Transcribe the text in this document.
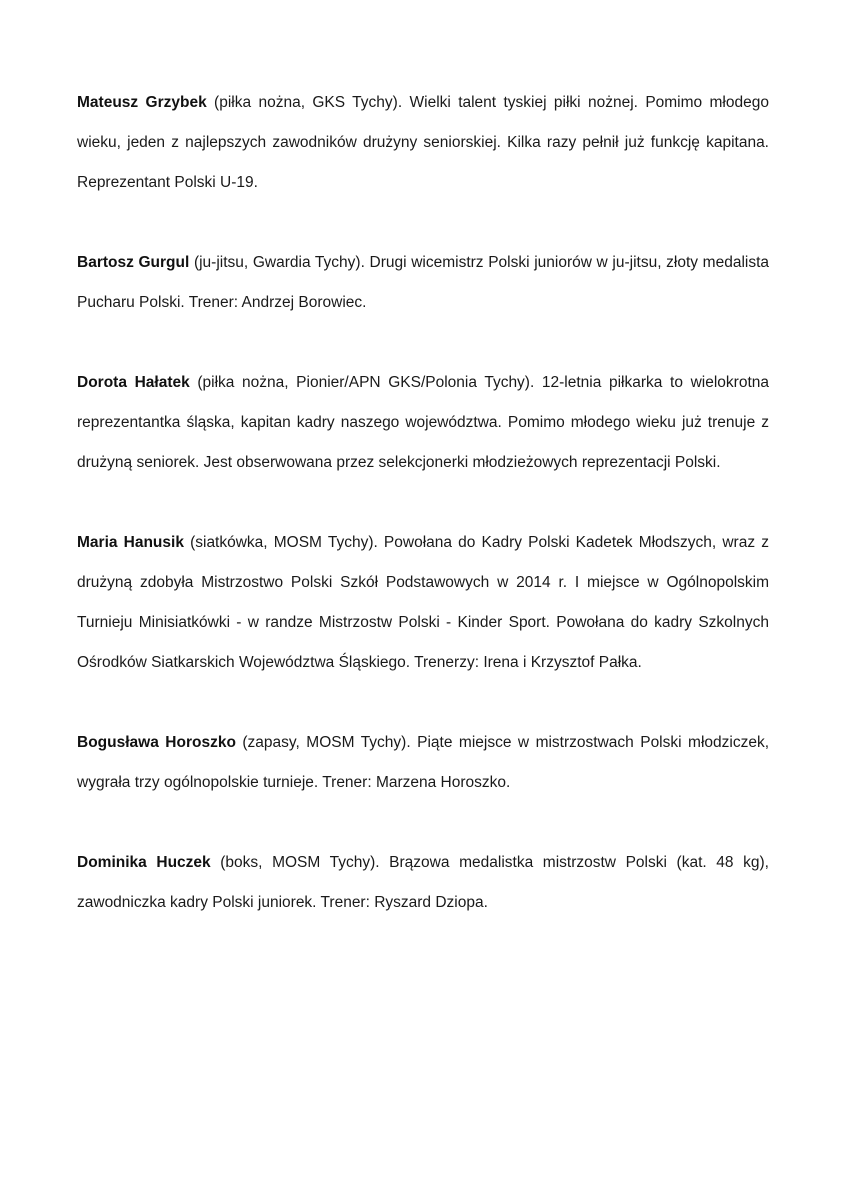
Mateusz Grzybek (piłka nożna, GKS Tychy). Wielki talent tyskiej piłki nożnej. Pomimo młodego wieku, jeden z najlepszych zawodników drużyny seniorskiej. Kilka razy pełnił już funkcję kapitana. Reprezentant Polski U-19.

Bartosz Gurgul (ju-jitsu, Gwardia Tychy). Drugi wicemistrz Polski juniorów w ju-jitsu, złoty medalista Pucharu Polski. Trener: Andrzej Borowiec.

Dorota Hałatek (piłka nożna, Pionier/APN GKS/Polonia Tychy). 12-letnia piłkarka to wielokrotna reprezentantka śląska, kapitan kadry naszego województwa. Pomimo młodego wieku już trenuje z drużyną seniorek. Jest obserwowana przez selekcjonerki młodzieżowych reprezentacji Polski.

Maria Hanusik (siatkówka, MOSM Tychy). Powołana do Kadry Polski Kadetek Młodszych, wraz z drużyną zdobyła Mistrzostwo Polski Szkół Podstawowych w 2014 r. I miejsce w Ogólnopolskim Turnieju Minisiatkówki - w randze Mistrzostw Polski - Kinder Sport. Powołana do kadry Szkolnych Ośrodków Siatkarskich Województwa Śląskiego. Trenerzy: Irena i Krzysztof Pałka.

Bogusława Horoszko (zapasy, MOSM Tychy). Piąte miejsce w mistrzostwach Polski młodziczek, wygrała trzy ogólnopolskie turnieje. Trener: Marzena Horoszko.

Dominika Huczek (boks, MOSM Tychy). Brązowa medalistka mistrzostw Polski (kat. 48 kg), zawodniczka kadry Polski juniorek. Trener: Ryszard Dziopa.
